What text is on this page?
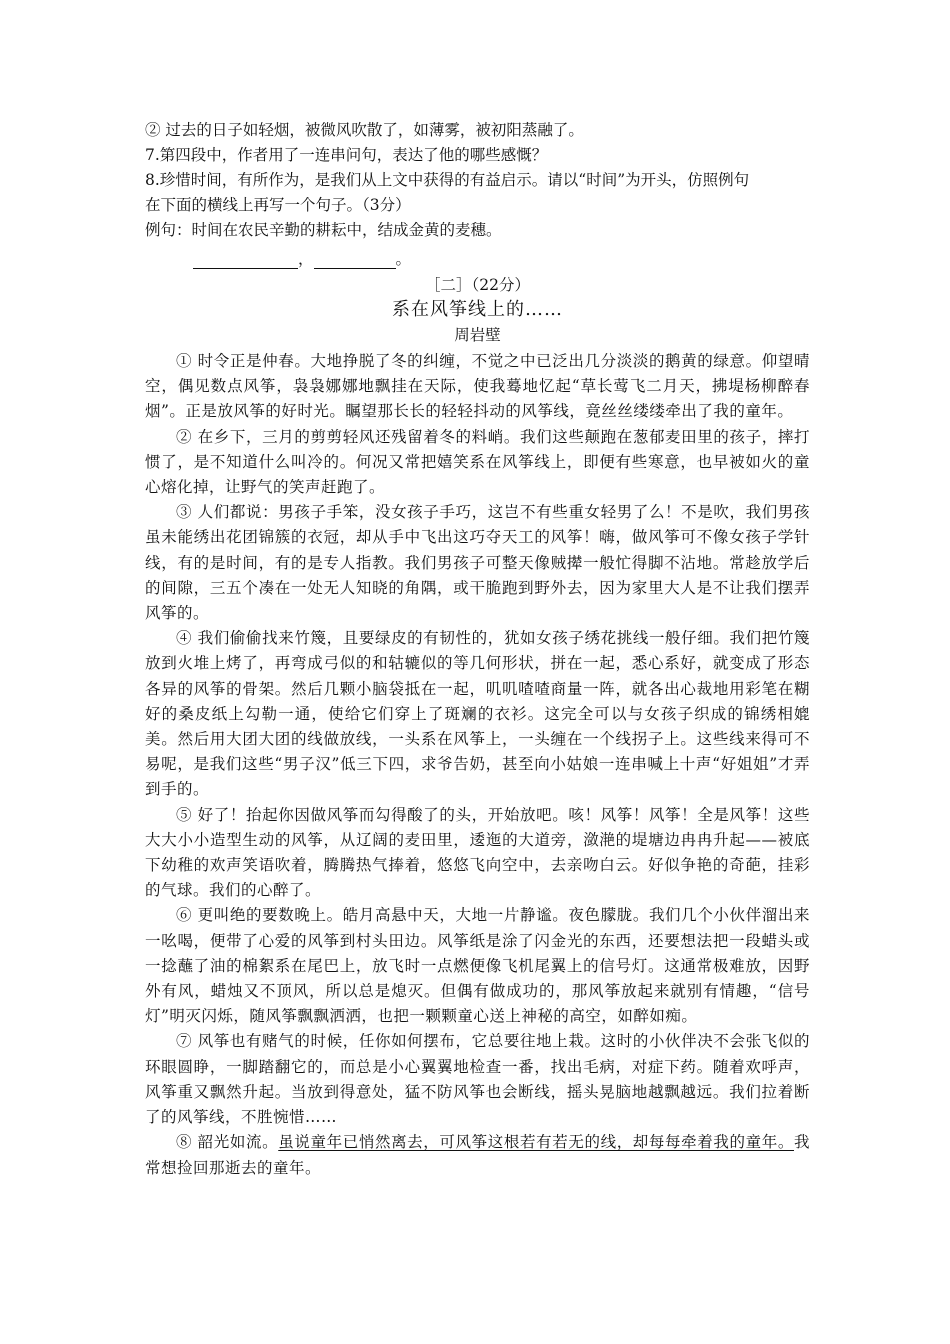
② 过去的日子如轻烟，被微风吹散了，如薄雾，被初阳蒸融了。

7.第四段中，作者用了一连串问句，表达了他的哪些感慨？

8.珍惜时间，有所作为，是我们从上文中获得的有益启示。请以“时间”为开头，仿照例句

在下面的横线上再写一个句子。（3分）

例句：时间在农民辛勤的耕耘中，结成金黄的麦穗。

，	。
［二］（22分）
系在风筝线上的……
周岩壁

① 时令正是仲春。大地挣脱了冬的纠缠，不觉之中已泛出几分淡淡的鹅黄的绿意。仰望晴空，偶见数点风筝，袅袅娜娜地飘挂在天际，使我蓦地忆起“草长莺飞二月天，拂堤杨柳醉春烟”。正是放风筝的好时光。瞩望那长长的轻轻抖动的风筝线，竟丝丝缕缕牵出了我的童年。

② 在乡下，三月的剪剪轻风还残留着冬的料峭。我们这些颠跑在葱郁麦田里的孩子，摔打惯了，是不知道什么叫冷的。何况又常把嬉笑系在风筝线上，即便有些寒意，也早被如火的童心熔化掉，让野气的笑声赶跑了。

③ 人们都说：男孩子手笨，没女孩子手巧，这岂不有些重女轻男了么！不是吹，我们男孩虽未能绣出花团锦簇的衣冠，却从手中飞出这巧夺天工的风筝！嗨，做风筝可不像女孩子学针线，有的是时间，有的是专人指教。我们男孩子可整天像贼撵一般忙得脚不沾地。常趁放学后的间隙，三五个凑在一处无人知晓的角隅，或干脆跑到野外去，因为家里大人是不让我们摆弄风筝的。

④ 我们偷偷找来竹篾，且要绿皮的有韧性的，犹如女孩子绣花挑线一般仔细。我们把竹篾放到火堆上烤了，再弯成弓似的和轱辘似的等几何形状，拼在一起，悉心系好，就变成了形态各异的风筝的骨架。然后几颗小脑袋抵在一起，叽叽喳喳商量一阵，就各出心裁地用彩笔在糊好的桑皮纸上勾勒一通，使给它们穿上了斑斓的衣衫。这完全可以与女孩子织成的锦绣相媲美。然后用大团大团的线做放线，一头系在风筝上，一头缠在一个线拐子上。这些线来得可不易呢，是我们这些“男子汉”低三下四，求爷告奶，甚至向小姑娘一连串喊上十声“好姐姐”才弄到手的。

⑤ 好了！抬起你因做风筝而勾得酸了的头，开始放吧。咳！风筝！风筝！全是风筝！这些大大小小造型生动的风筝，从辽阔的麦田里，逶迤的大道旁，潋滟的堤塘边冉冉升起——被底下幼稚的欢声笑语吹着，腾腾热气捧着，悠悠飞向空中，去亲吻白云。好似争艳的奇葩，挂彩的气球。我们的心醉了。

⑥ 更叫绝的要数晚上。皓月高悬中天，大地一片静谧。夜色朦胧。我们几个小伙伴溜出来一吆喝，便带了心爱的风筝到村头田边。风筝纸是涂了闪金光的东西，还要想法把一段蜡头或一捻蘸了油的棉絮系在尾巴上，放飞时一点燃便像飞机尾翼上的信号灯。这通常极难放，因野外有风，蜡烛又不顶风，所以总是熄灭。但偶有做成功的，那风筝放起来就别有情趣，“信号灯”明灭闪烁，随风筝飘飘洒洒，也把一颗颗童心送上神秘的高空，如醉如痴。

⑦ 风筝也有赌气的时候，任你如何摆布，它总要往地上栽。这时的小伙伴决不会张飞似的环眼圆睁，一脚踏翻它的，而总是小心翼翼地检查一番，找出毛病，对症下药。随着欢呼声，风筝重又飘然升起。当放到得意处，猛不防风筝也会断线，摇头晃脑地越飘越远。我们拉着断了的风筝线，不胜惋惜……

⑧ 韶光如流。虽说童年已悄然离去，可风筝这根若有若无的线，却每每牵着我的童年。我常想捡回那逝去的童年。
